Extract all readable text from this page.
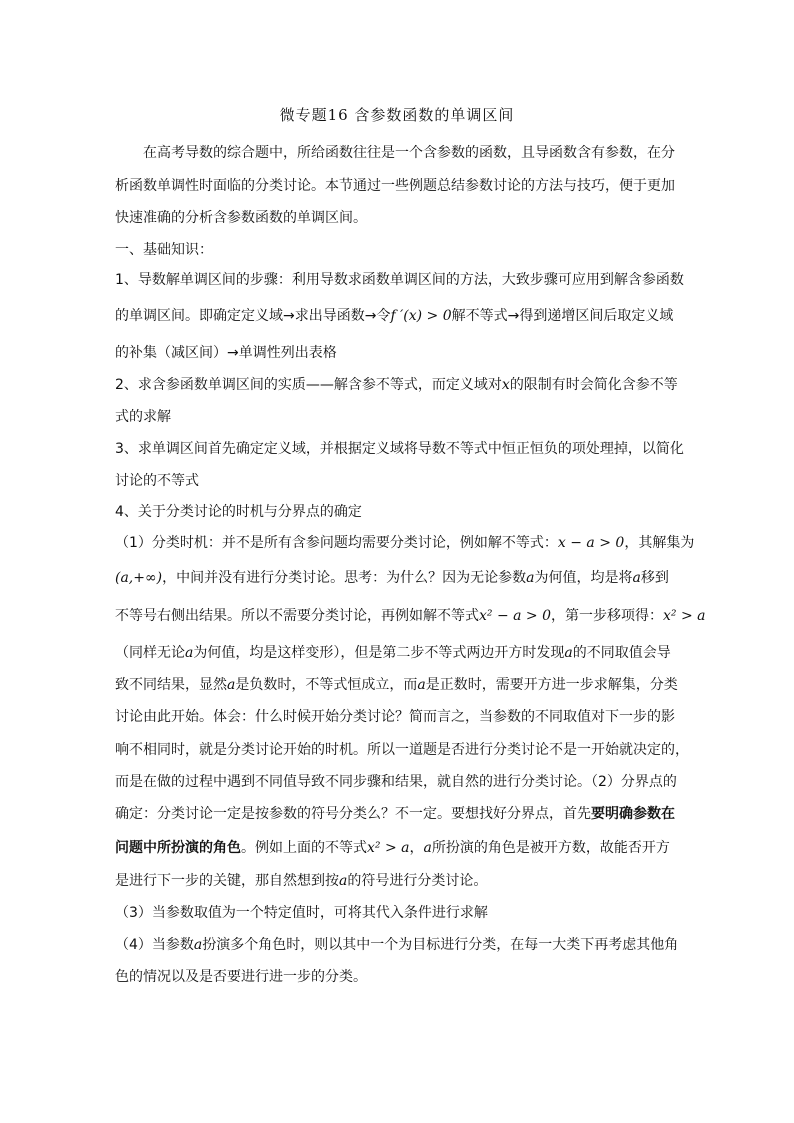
微专题16 含参数函数的单调区间
在高考导数的综合题中，所给函数往往是一个含参数的函数，且导函数含有参数，在分
析函数单调性时面临的分类讨论。本节通过一些例题总结参数讨论的方法与技巧，便于更加
快速准确的分析含参数函数的单调区间。
一、基础知识：
1、导数解单调区间的步骤：利用导数求函数单调区间的方法，大致步骤可应用到解含参函数
的单调区间。即确定定义域→求出导函数→令f ′(x) > 0解不等式→得到递增区间后取定义域
的补集（减区间）→单调性列出表格
2、求含参函数单调区间的实质——解含参不等式，而定义域对x的限制有时会简化含参不等
式的求解
3、求单调区间首先确定定义域，并根据定义域将导数不等式中恒正恒负的项处理掉，以简化
讨论的不等式
4、关于分类讨论的时机与分界点的确定
（1）分类时机：并不是所有含参问题均需要分类讨论，例如解不等式：x − a > 0，其解集为
(a,+∞)，中间并没有进行分类讨论。思考：为什么？因为无论参数a为何值，均是将a移到
不等号右侧出结果。所以不需要分类讨论，再例如解不等式x² − a > 0，第一步移项得：x² > a
（同样无论a为何值，均是这样变形），但是第二步不等式两边开方时发现a的不同取值会导
致不同结果，显然a是负数时，不等式恒成立，而a是正数时，需要开方进一步求解集，分类
讨论由此开始。体会：什么时候开始分类讨论？简而言之，当参数的不同取值对下一步的影
响不相同时，就是分类讨论开始的时机。所以一道题是否进行分类讨论不是一开始就决定的，
而是在做的过程中遇到不同值导致不同步骤和结果，就自然的进行分类讨论。（2）分界点的
确定：分类讨论一定是按参数的符号分类么？不一定。要想找好分界点，首先要明确参数在
问题中所扮演的角色。例如上面的不等式x² > a，a所扮演的角色是被开方数，故能否开方
是进行下一步的关键，那自然想到按a的符号进行分类讨论。
（3）当参数取值为一个特定值时，可将其代入条件进行求解
（4）当参数a扮演多个角色时，则以其中一个为目标进行分类，在每一大类下再考虑其他角
色的情况以及是否要进行进一步的分类。
